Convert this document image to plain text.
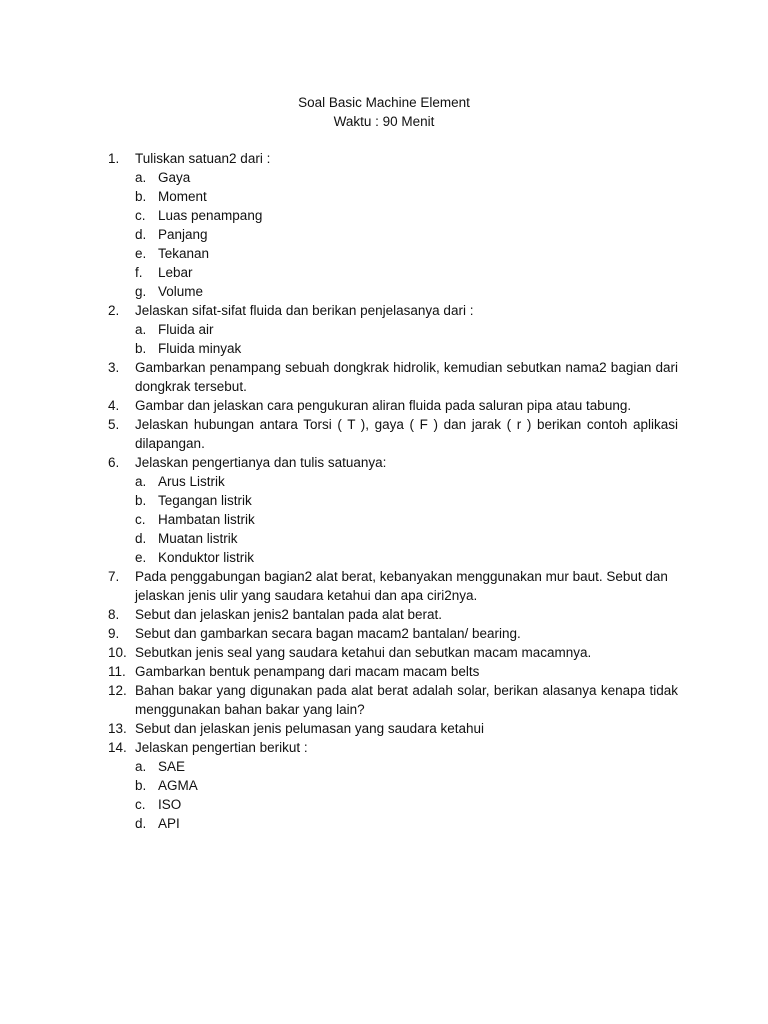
Soal Basic Machine Element
Waktu : 90 Menit
1.	Tuliskan satuan2 dari :
a. Gaya
b. Moment
c. Luas penampang
d. Panjang
e. Tekanan
f.	Lebar
g. Volume
2.	Jelaskan sifat-sifat fluida dan berikan penjelasanya dari :
a. Fluida air
b. Fluida minyak
3.	Gambarkan penampang sebuah dongkrak hidrolik, kemudian sebutkan nama2 bagian dari dongkrak tersebut.
4.	Gambar dan jelaskan cara pengukuran aliran fluida pada saluran pipa atau tabung.
5.	Jelaskan hubungan antara Torsi ( T ), gaya ( F ) dan jarak ( r ) berikan contoh aplikasi dilapangan.
6.	Jelaskan pengertianya dan tulis satuanya:
a. Arus Listrik
b. Tegangan listrik
c. Hambatan listrik
d. Muatan listrik
e. Konduktor listrik
7.	Pada penggabungan bagian2 alat berat, kebanyakan menggunakan mur baut. Sebut dan jelaskan jenis ulir yang saudara ketahui dan apa ciri2nya.
8.	Sebut dan jelaskan jenis2 bantalan pada alat berat.
9.	Sebut dan gambarkan secara bagan macam2 bantalan/ bearing.
10. Sebutkan jenis seal yang saudara ketahui dan sebutkan macam macamnya.
11. Gambarkan bentuk penampang dari macam macam belts
12. Bahan bakar yang digunakan pada alat berat adalah solar, berikan alasanya kenapa tidak menggunakan bahan bakar yang lain?
13. Sebut dan jelaskan jenis pelumasan yang saudara ketahui
14. Jelaskan pengertian berikut :
a. SAE
b. AGMA
c. ISO
d. API
